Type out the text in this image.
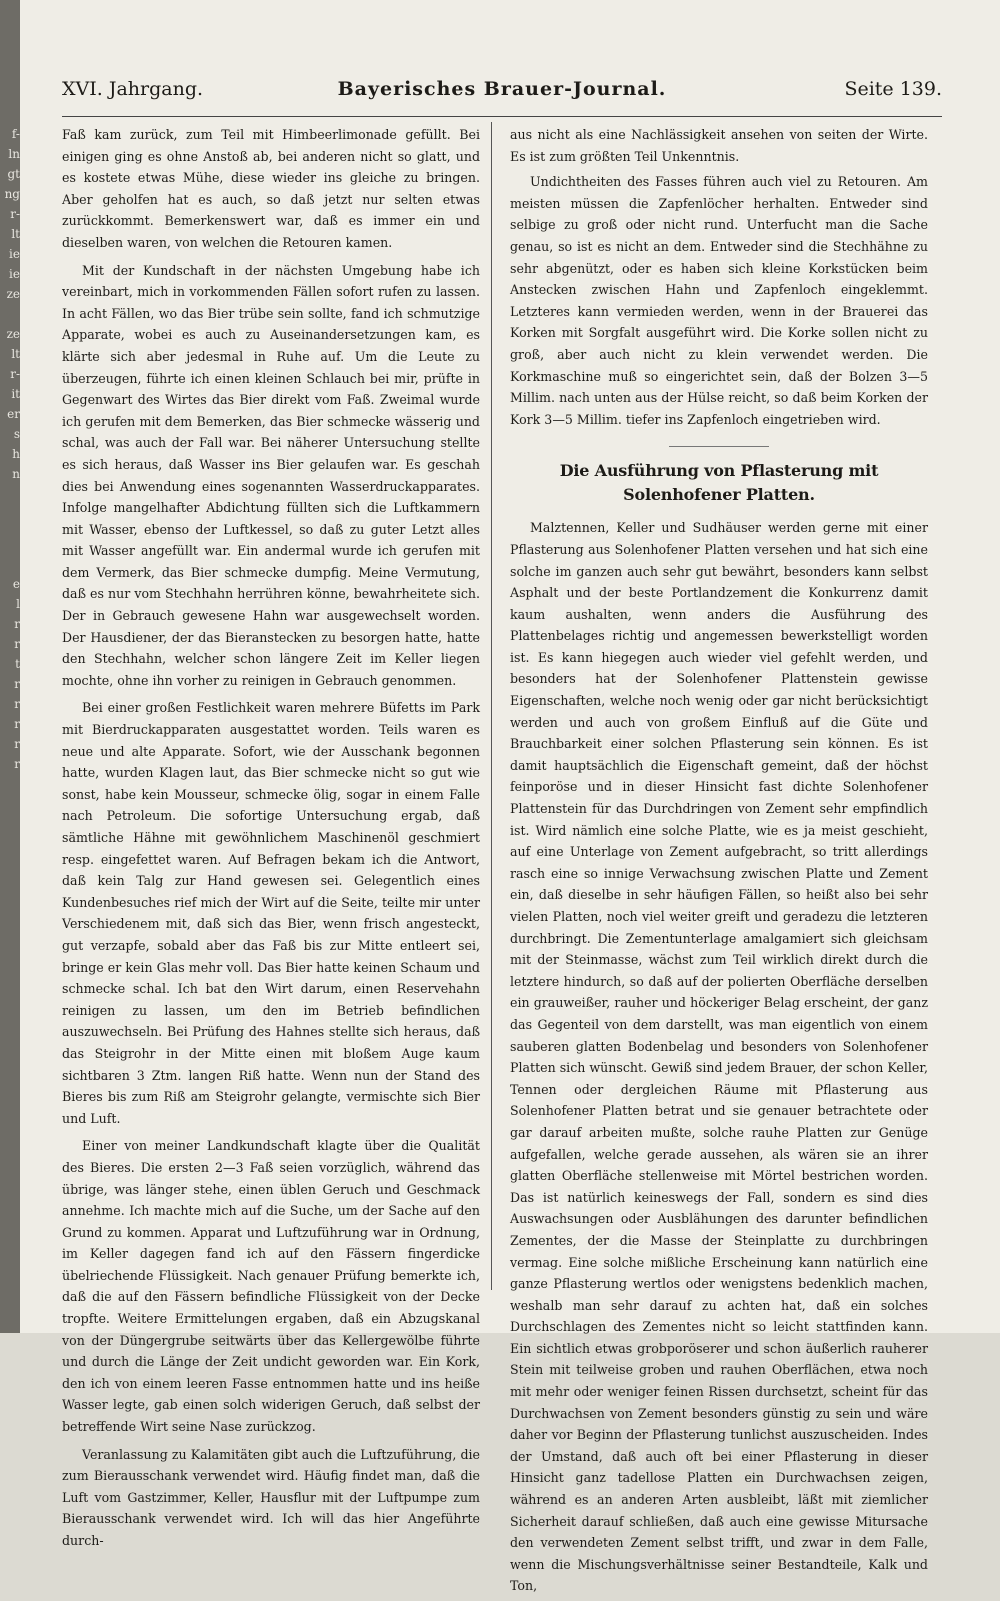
f-
ln
gt
ng
r-
lt
ie
ie
ze
ze
lt
r-
it
er
s
h
n
e
l
r
r
t
r
r
r
r
r
XVI. Jahrgang.	Bayerisches Brauer-Journal.	Seite 139.

Faß kam zurück, zum Teil mit Himbeerlimonade gefüllt. Bei einigen ging es ohne Anstoß ab, bei anderen nicht so glatt, und es kostete etwas Mühe, diese wieder ins gleiche zu bringen. Aber geholfen hat es auch, so daß jetzt nur selten etwas zurückkommt. Bemerkenswert war, daß es immer ein und dieselben waren, von welchen die Retouren kamen.

Mit der Kundschaft in der nächsten Umgebung habe ich vereinbart, mich in vorkommenden Fällen sofort rufen zu lassen. In acht Fällen, wo das Bier trübe sein sollte, fand ich schmutzige Apparate, wobei es auch zu Auseinandersetzungen kam, es klärte sich aber jedesmal in Ruhe auf. Um die Leute zu überzeugen, führte ich einen kleinen Schlauch bei mir, prüfte in Gegenwart des Wirtes das Bier direkt vom Faß. Zweimal wurde ich gerufen mit dem Bemerken, das Bier schmecke wässerig und schal, was auch der Fall war. Bei näherer Untersuchung stellte es sich heraus, daß Wasser ins Bier gelaufen war. Es geschah dies bei Anwendung eines sogenannten Wasserdruckapparates. Infolge mangelhafter Abdichtung füllten sich die Luftkammern mit Wasser, ebenso der Luftkessel, so daß zu guter Letzt alles mit Wasser angefüllt war. Ein andermal wurde ich gerufen mit dem Vermerk, das Bier schmecke dumpfig. Meine Vermutung, daß es nur vom Stechhahn herrühren könne, bewahrheitete sich. Der in Gebrauch gewesene Hahn war ausgewechselt worden. Der Hausdiener, der das Bieranstecken zu besorgen hatte, hatte den Stechhahn, welcher schon längere Zeit im Keller liegen mochte, ohne ihn vorher zu reinigen in Gebrauch genommen.

Bei einer großen Festlichkeit waren mehrere Büfetts im Park mit Bierdruckapparaten ausgestattet worden. Teils waren es neue und alte Apparate. Sofort, wie der Ausschank begonnen hatte, wurden Klagen laut, das Bier schmecke nicht so gut wie sonst, habe kein Mousseur, schmecke ölig, sogar in einem Falle nach Petroleum. Die sofortige Untersuchung ergab, daß sämtliche Hähne mit gewöhnlichem Maschinenöl geschmiert resp. eingefettet waren. Auf Befragen bekam ich die Antwort, daß kein Talg zur Hand gewesen sei. Gelegentlich eines Kundenbesuches rief mich der Wirt auf die Seite, teilte mir unter Verschiedenem mit, daß sich das Bier, wenn frisch angesteckt, gut verzapfe, sobald aber das Faß bis zur Mitte entleert sei, bringe er kein Glas mehr voll. Das Bier hatte keinen Schaum und schmecke schal. Ich bat den Wirt darum, einen Reservehahn reinigen zu lassen, um den im Betrieb befindlichen auszuwechseln. Bei Prüfung des Hahnes stellte sich heraus, daß das Steigrohr in der Mitte einen mit bloßem Auge kaum sichtbaren 3 Ztm. langen Riß hatte. Wenn nun der Stand des Bieres bis zum Riß am Steigrohr gelangte, vermischte sich Bier und Luft.

Einer von meiner Landkundschaft klagte über die Qualität des Bieres. Die ersten 2—3 Faß seien vorzüglich, während das übrige, was länger stehe, einen üblen Geruch und Geschmack annehme. Ich machte mich auf die Suche, um der Sache auf den Grund zu kommen. Apparat und Luftzuführung war in Ordnung, im Keller dagegen fand ich auf den Fässern fingerdicke übelriechende Flüssigkeit. Nach genauer Prüfung bemerkte ich, daß die auf den Fässern befindliche Flüssigkeit von der Decke tropfte. Weitere Ermittelungen ergaben, daß ein Abzugskanal von der Düngergrube seitwärts über das Kellergewölbe führte und durch die Länge der Zeit undicht geworden war. Ein Kork, den ich von einem leeren Fasse entnommen hatte und ins heiße Wasser legte, gab einen solch widerigen Geruch, daß selbst der betreffende Wirt seine Nase zurückzog.

Veranlassung zu Kalamitäten gibt auch die Luftzuführung, die zum Bierausschank verwendet wird. Häufig findet man, daß die Luft vom Gastzimmer, Keller, Hausflur mit der Luftpumpe zum Bierausschank verwendet wird. Ich will das hier Angeführte durch-

aus nicht als eine Nachlässigkeit ansehen von seiten der Wirte. Es ist zum größten Teil Unkenntnis.

Undichtheiten des Fasses führen auch viel zu Retouren. Am meisten müssen die Zapfenlöcher herhalten. Entweder sind selbige zu groß oder nicht rund. Unterfucht man die Sache genau, so ist es nicht an dem. Entweder sind die Stechhähne zu sehr abgenützt, oder es haben sich kleine Korkstücken beim Anstecken zwischen Hahn und Zapfenloch eingeklemmt. Letzteres kann vermieden werden, wenn in der Brauerei das Korken mit Sorgfalt ausgeführt wird. Die Korke sollen nicht zu groß, aber auch nicht zu klein verwendet werden. Die Korkmaschine muß so eingerichtet sein, daß der Bolzen 3—5 Millim. nach unten aus der Hülse reicht, so daß beim Korken der Kork 3—5 Millim. tiefer ins Zapfenloch eingetrieben wird.

Die Ausführung von Pflasterung mit Solenhofener Platten.

Malztennen, Keller und Sudhäuser werden gerne mit einer Pflasterung aus Solenhofener Platten versehen und hat sich eine solche im ganzen auch sehr gut bewährt, besonders kann selbst Asphalt und der beste Portlandzement die Konkurrenz damit kaum aushalten, wenn anders die Ausführung des Plattenbelages richtig und angemessen bewerkstelligt worden ist. Es kann hiegegen auch wieder viel gefehlt werden, und besonders hat der Solenhofener Plattenstein gewisse Eigenschaften, welche noch wenig oder gar nicht berücksichtigt werden und auch von großem Einfluß auf die Güte und Brauchbarkeit einer solchen Pflasterung sein können. Es ist damit hauptsächlich die Eigenschaft gemeint, daß der höchst feinporöse und in dieser Hinsicht fast dichte Solenhofener Plattenstein für das Durchdringen von Zement sehr empfindlich ist. Wird nämlich eine solche Platte, wie es ja meist geschieht, auf eine Unterlage von Zement aufgebracht, so tritt allerdings rasch eine so innige Verwachsung zwischen Platte und Zement ein, daß dieselbe in sehr häufigen Fällen, so heißt also bei sehr vielen Platten, noch viel weiter greift und geradezu die letzteren durchbringt. Die Zementunterlage amalgamiert sich gleichsam mit der Steinmasse, wächst zum Teil wirklich direkt durch die letztere hindurch, so daß auf der polierten Oberfläche derselben ein grauweißer, rauher und höckeriger Belag erscheint, der ganz das Gegenteil von dem darstellt, was man eigentlich von einem sauberen glatten Bodenbelag und besonders von Solenhofener Platten sich wünscht. Gewiß sind jedem Brauer, der schon Keller, Tennen oder dergleichen Räume mit Pflasterung aus Solenhofener Platten betrat und sie genauer betrachtete oder gar darauf arbeiten mußte, solche rauhe Platten zur Genüge aufgefallen, welche gerade aussehen, als wären sie an ihrer glatten Oberfläche stellenweise mit Mörtel bestrichen worden. Das ist natürlich keineswegs der Fall, sondern es sind dies Auswachsungen oder Ausblähungen des darunter befindlichen Zementes, der die Masse der Steinplatte zu durchbringen vermag. Eine solche mißliche Erscheinung kann natürlich eine ganze Pflasterung wertlos oder wenigstens bedenklich machen, weshalb man sehr darauf zu achten hat, daß ein solches Durchschlagen des Zementes nicht so leicht stattfinden kann. Ein sichtlich etwas grobporöserer und schon äußerlich rauherer Stein mit teilweise groben und rauhen Oberflächen, etwa noch mit mehr oder weniger feinen Rissen durchsetzt, scheint für das Durchwachsen von Zement besonders günstig zu sein und wäre daher vor Beginn der Pflasterung tunlichst auszuscheiden. Indes der Umstand, daß auch oft bei einer Pflasterung in dieser Hinsicht ganz tadellose Platten ein Durchwachsen zeigen, während es an anderen Arten ausbleibt, läßt mit ziemlicher Sicherheit darauf schließen, daß auch eine gewisse Mitursache den verwendeten Zement selbst trifft, und zwar in dem Falle, wenn die Mischungsverhältnisse seiner Bestandteile, Kalk und Ton,
